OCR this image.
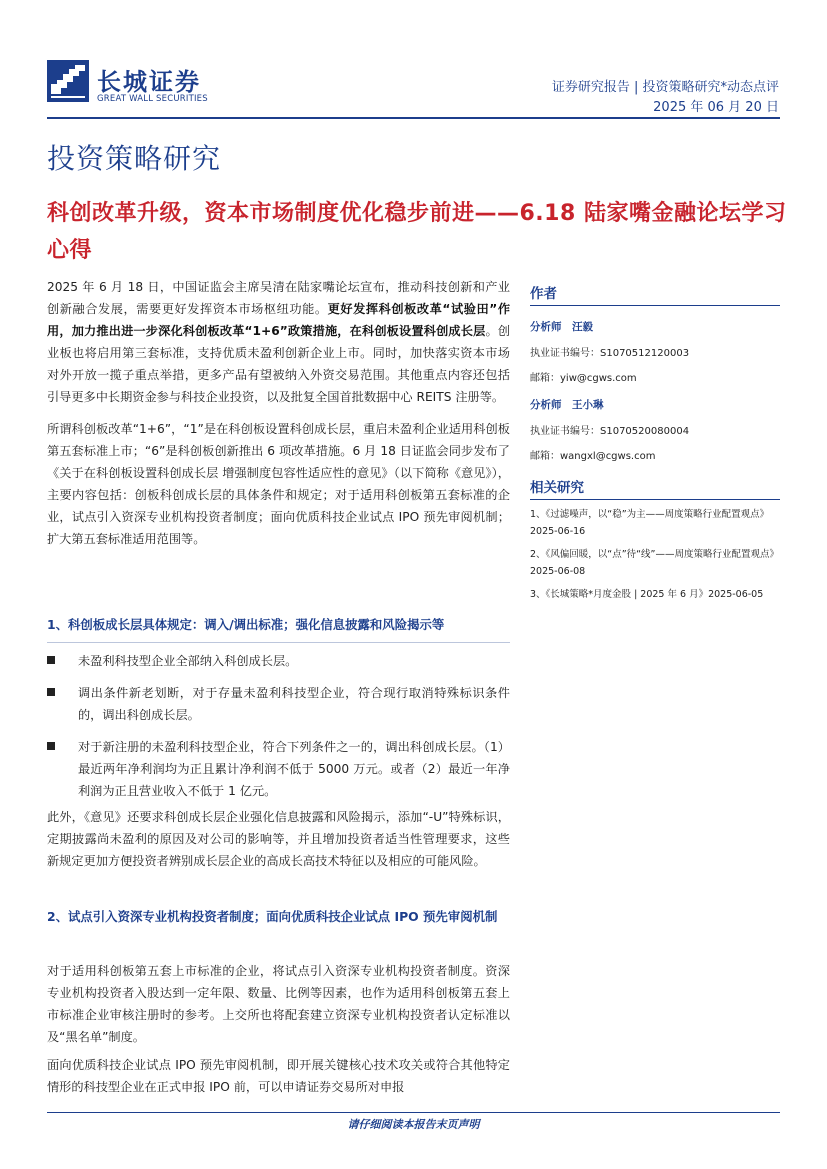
长城证券
GREAT WALL SECURITIES
证券研究报告 | 投资策略研究*动态点评
2025 年 06 月 20 日
投资策略研究
科创改革升级，资本市场制度优化稳步前进——6.18 陆家嘴金融论坛学习心得

2025 年 6 月 18 日，中国证监会主席吴清在陆家嘴论坛宣布，推动科技创新和产业创新融合发展，需要更好发挥资本市场枢纽功能。更好发挥科创板改革“试验田”作用，加力推出进一步深化科创板改革“1+6”政策措施，在科创板设置科创成长层。创业板也将启用第三套标准，支持优质未盈利创新企业上市。同时，加快落实资本市场对外开放一揽子重点举措，更多产品有望被纳入外资交易范围。其他重点内容还包括引导更多中长期资金参与科技企业投资，以及批复全国首批数据中心 REITS 注册等。

所谓科创板改革“1+6”，“1”是在科创板设置科创成长层，重启未盈利企业适用科创板第五套标准上市；“6”是科创板创新推出 6 项改革措施。6 月 18 日证监会同步发布了《关于在科创板设置科创成长层 增强制度包容性适应性的意见》（以下简称《意见》），主要内容包括：创板科创成长层的具体条件和规定；对于适用科创板第五套标准的企业，试点引入资深专业机构投资者制度；面向优质科技企业试点 IPO 预先审阅机制；扩大第五套标准适用范围等。

1、科创板成长层具体规定：调入/调出标准；强化信息披露和风险揭示等

未盈利科技型企业全部纳入科创成长层。

调出条件新老划断，对于存量未盈利科技型企业，符合现行取消特殊标识条件的，调出科创成长层。

对于新注册的未盈利科技型企业，符合下列条件之一的，调出科创成长层。（1）最近两年净利润均为正且累计净利润不低于 5000 万元。或者（2）最近一年净利润为正且营业收入不低于 1 亿元。

此外，《意见》还要求科创成长层企业强化信息披露和风险揭示，添加“-U”特殊标识，定期披露尚未盈利的原因及对公司的影响等，并且增加投资者适当性管理要求，这些新规定更加方便投资者辨别成长层企业的高成长高技术特征以及相应的可能风险。

2、试点引入资深专业机构投资者制度；面向优质科技企业试点 IPO 预先审阅机制

对于适用科创板第五套上市标准的企业，将试点引入资深专业机构投资者制度。资深专业机构投资者入股达到一定年限、数量、比例等因素，也作为适用科创板第五套上市标准企业审核注册时的参考。上交所也将配套建立资深专业机构投资者认定标准以及“黑名单”制度。

面向优质科技企业试点 IPO 预先审阅机制，即开展关键核心技术攻关或符合其他特定情形的科技型企业在正式申报 IPO 前，可以申请证券交易所对申报

作者
分析师　汪毅
执业证书编号：S1070512120003
邮箱：yiw@cgws.com
分析师　王小琳
执业证书编号：S1070520080004
邮箱：wangxl@cgws.com
相关研究
1、《过滤噪声，以“稳”为主——周度策略行业配置观点》2025-06-16
2、《风偏回暖，以“点”待“线”——周度策略行业配置观点》2025-06-08
3、《长城策略*月度金股 | 2025 年 6 月》2025-06-05
请仔细阅读本报告末页声明
